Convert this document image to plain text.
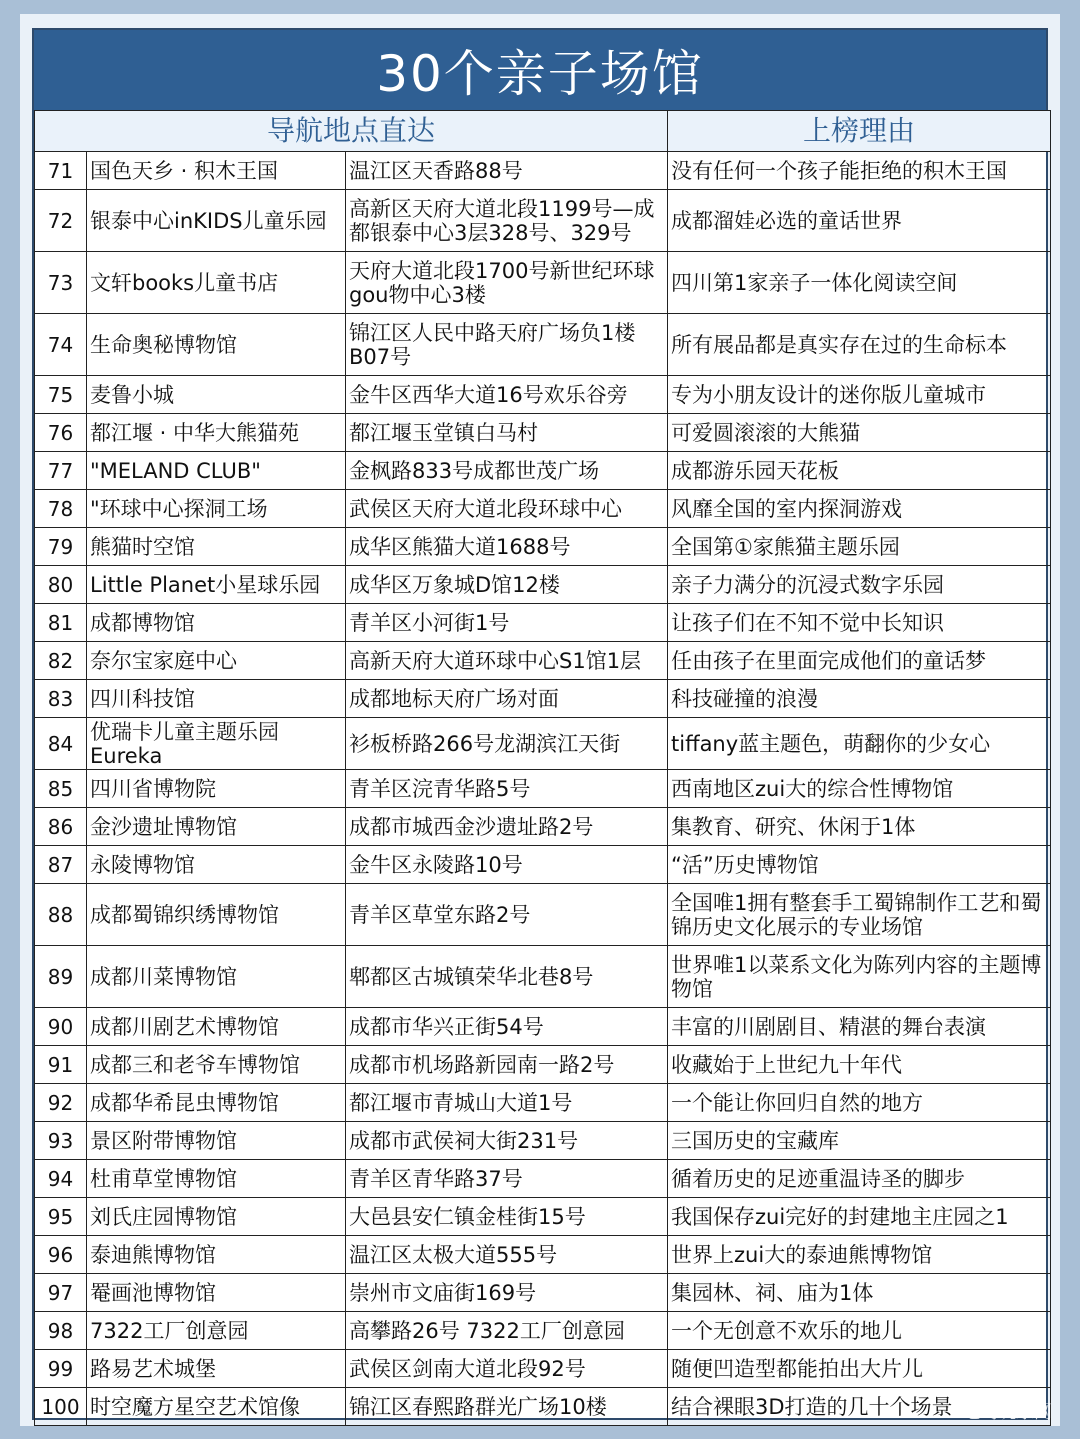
30个亲子场馆
导航地点直达			上榜理由
71	国色天乡 · 积木王国	温江区天香路88号	没有任何一个孩子能拒绝的积木王国
72	银泰中心inKIDS儿童乐园	高新区天府大道北段1199号—成都银泰中心3层328号、329号	成都溜娃必选的童话世界
73	文轩books儿童书店	天府大道北段1700号新世纪环球gou物中心3楼	四川第1家亲子一体化阅读空间
74	生命奥秘博物馆	锦江区人民中路天府广场负1楼B07号	所有展品都是真实存在过的生命标本
75	麦鲁小城	金牛区西华大道16号欢乐谷旁	专为小朋友设计的迷你版儿童城市
76	都江堰 · 中华大熊猫苑	都江堰玉堂镇白马村	可爱圆滚滚的大熊猫
77	"MELAND CLUB"	金枫路833号成都世茂广场	成都游乐园天花板
78	"环球中心探洞工场	武侯区天府大道北段环球中心	风靡全国的室内探洞游戏
79	熊猫时空馆	成华区熊猫大道1688号	全国第①家熊猫主题乐园
80	Little Planet小星球乐园	成华区万象城D馆12楼	亲子力满分的沉浸式数字乐园
81	成都博物馆	青羊区小河街1号	让孩子们在不知不觉中长知识
82	奈尔宝家庭中心	高新天府大道环球中心S1馆1层	任由孩子在里面完成他们的童话梦
83	四川科技馆	成都地标天府广场对面	科技碰撞的浪漫
84	优瑞卡儿童主题乐园Eureka	衫板桥路266号龙湖滨江天街	tiffany蓝主题色，萌翻你的少女心
85	四川省博物院	青羊区浣青华路5号	西南地区zui大的综合性博物馆
86	金沙遗址博物馆	成都市城西金沙遗址路2号	集教育、研究、休闲于1体
87	永陵博物馆	金牛区永陵路10号	“活”历史博物馆
88	成都蜀锦织绣博物馆	青羊区草堂东路2号	全国唯1拥有整套手工蜀锦制作工艺和蜀锦历史文化展示的专业场馆
89	成都川菜博物馆	郫都区古城镇荣华北巷8号	世界唯1以菜系文化为陈列内容的主题博物馆
90	成都川剧艺术博物馆	成都市华兴正街54号	丰富的川剧剧目、精湛的舞台表演
91	成都三和老爷车博物馆	成都市机场路新园南一路2号	收藏始于上世纪九十年代
92	成都华希昆虫博物馆	都江堰市青城山大道1号	一个能让你回归自然的地方
93	景区附带博物馆	成都市武侯祠大街231号	三国历史的宝藏库
94	杜甫草堂博物馆	青羊区青华路37号	循着历史的足迹重温诗圣的脚步
95	刘氏庄园博物馆	大邑县安仁镇金桂街15号	我国保存zui完好的封建地主庄园之1
96	泰迪熊博物馆	温江区太极大道555号	世界上zui大的泰迪熊博物馆
97	罨画池博物馆	崇州市文庙街169号	集园林、祠、庙为1体
98	7322工厂创意园	高攀路26号 7322工厂创意园	一个无创意不欢乐的地儿
99	路易艺术城堡	武侯区剑南大道北段92号	随便凹造型都能拍出大片儿
100	时空魔方星空艺术馆像	锦江区春熙路群光广场10楼	结合裸眼3D打造的几十个场景 吃喝玩乐网
